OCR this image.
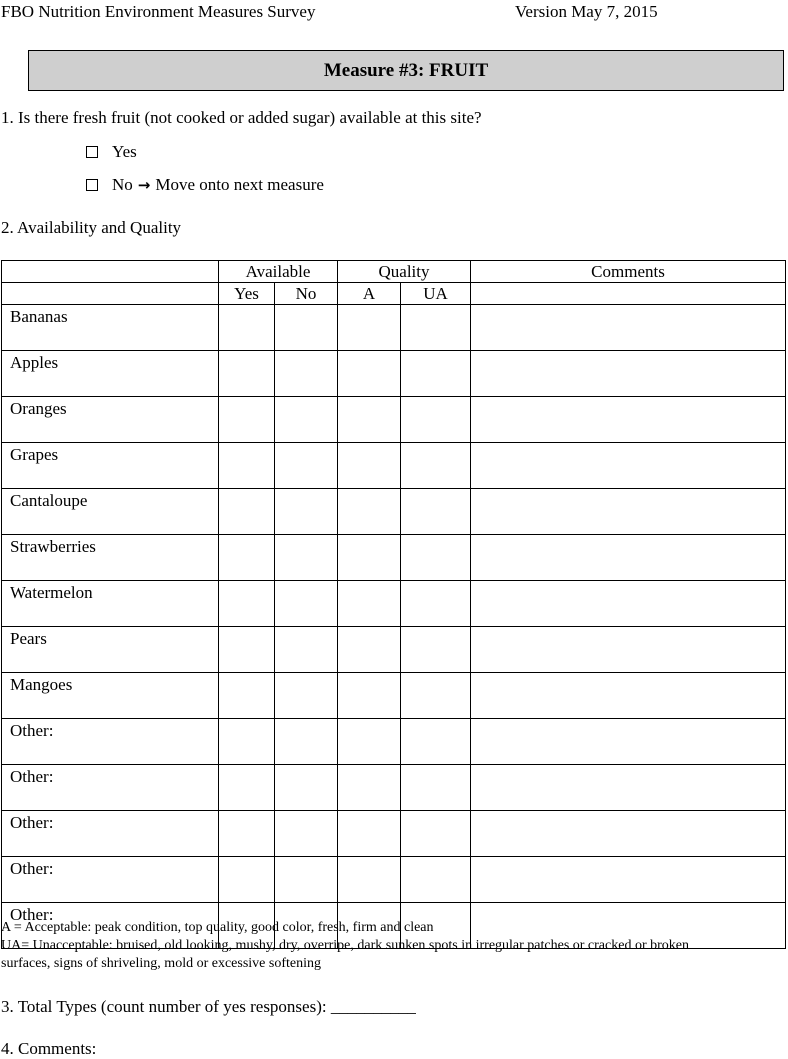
FBO Nutrition Environment Measures Survey	Version May 7, 2015
Measure #3: FRUIT
1. Is there fresh fruit (not cooked or added sugar) available at this site?
Yes
No → Move onto next measure
2. Availability and Quality
	Available		Quality		Comments
	Yes	No	A	UA	
Bananas					
Apples					
Oranges					
Grapes					
Cantaloupe					
Strawberries					
Watermelon					
Pears					
Mangoes					
Other:					
Other:					
Other:					
Other:					
Other:					
A = Acceptable: peak condition, top quality, good color, fresh, firm and clean
UA= Unacceptable: bruised, old looking, mushy, dry, overripe, dark sunken spots in irregular patches or cracked or broken
surfaces, signs of shriveling, mold or excessive softening
3. Total Types (count number of yes responses): __________
4. Comments:
